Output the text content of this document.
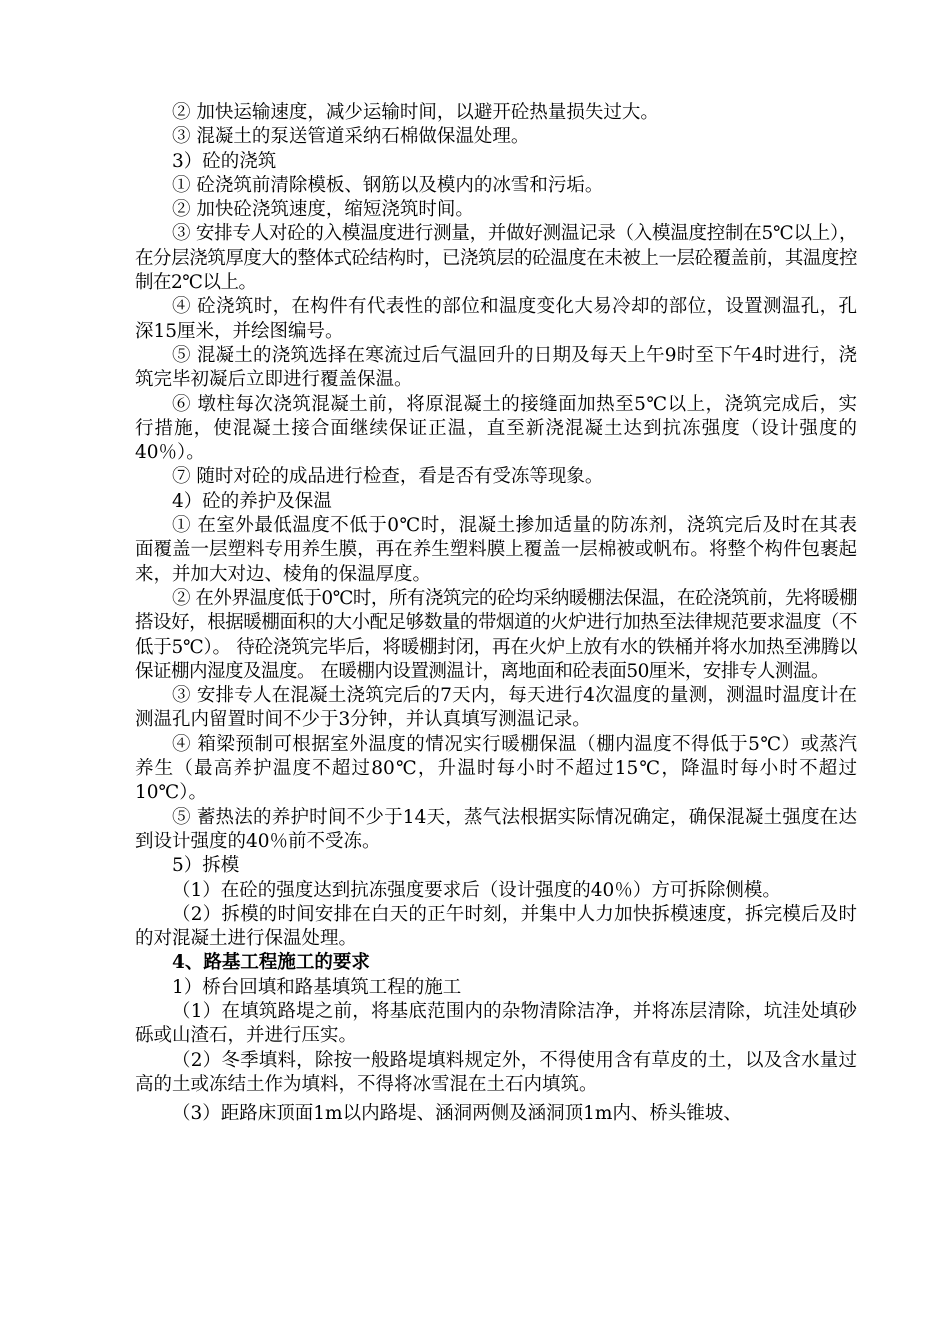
② 加快运输速度，减少运输时间，以避开砼热量损失过大。

③ 混凝土的泵送管道采纳石棉做保温处理。

3）砼的浇筑

① 砼浇筑前清除模板、钢筋以及模内的冰雪和污垢。

② 加快砼浇筑速度，缩短浇筑时间。

③ 安排专人对砼的入模温度进行测量，并做好测温记录（入模温度控制在5℃以上），在分层浇筑厚度大的整体式砼结构时，已浇筑层的砼温度在未被上一层砼覆盖前，其温度控制在2℃以上。

④ 砼浇筑时，在构件有代表性的部位和温度变化大易冷却的部位，设置测温孔，孔深15厘米，并绘图编号。

⑤ 混凝土的浇筑选择在寒流过后气温回升的日期及每天上午9时至下午4时进行，浇筑完毕初凝后立即进行覆盖保温。

⑥ 墩柱每次浇筑混凝土前，将原混凝土的接缝面加热至5℃以上，浇筑完成后，实行措施，使混凝土接合面继续保证正温，直至新浇混凝土达到抗冻强度（设计强度的40％）。

⑦ 随时对砼的成品进行检查，看是否有受冻等现象。

4）砼的养护及保温

① 在室外最低温度不低于0℃时，混凝土掺加适量的防冻剂，浇筑完后及时在其表面覆盖一层塑料专用养生膜，再在养生塑料膜上覆盖一层棉被或帆布。将整个构件包裹起来，并加大对边、棱角的保温厚度。

② 在外界温度低于0℃时，所有浇筑完的砼均采纳暖棚法保温，在砼浇筑前，先将暖棚搭设好，根据暖棚面积的大小配足够数量的带烟道的火炉进行加热至法律规范要求温度（不低于5℃）。 待砼浇筑完毕后，将暖棚封闭，再在火炉上放有水的铁桶并将水加热至沸腾以保证棚内湿度及温度。 在暖棚内设置测温计，离地面和砼表面50厘米，安排专人测温。

③ 安排专人在混凝土浇筑完后的7天内，每天进行4次温度的量测，测温时温度计在测温孔内留置时间不少于3分钟，并认真填写测温记录。

④ 箱梁预制可根据室外温度的情况实行暖棚保温（棚内温度不得低于5℃）或蒸汽养生（最高养护温度不超过80℃，升温时每小时不超过15℃，降温时每小时不超过10℃）。

⑤ 蓄热法的养护时间不少于14天，蒸气法根据实际情况确定，确保混凝土强度在达到设计强度的40％前不受冻。

5）拆模

（1）在砼的强度达到抗冻强度要求后（设计强度的40％）方可拆除侧模。

（2）拆模的时间安排在白天的正午时刻，并集中人力加快拆模速度，拆完模后及时的对混凝土进行保温处理。

4、路基工程施工的要求

1）桥台回填和路基填筑工程的施工

（1）在填筑路堤之前，将基底范围内的杂物清除洁净，并将冻层清除，坑洼处填砂砾或山渣石，并进行压实。

（2）冬季填料，除按一般路堤填料规定外，不得使用含有草皮的土，以及含水量过高的土或冻结土作为填料，不得将冰雪混在土石内填筑。

（3）距路床顶面1m以内路堤、涵洞两侧及涵洞顶1m内、桥头锥坡、
